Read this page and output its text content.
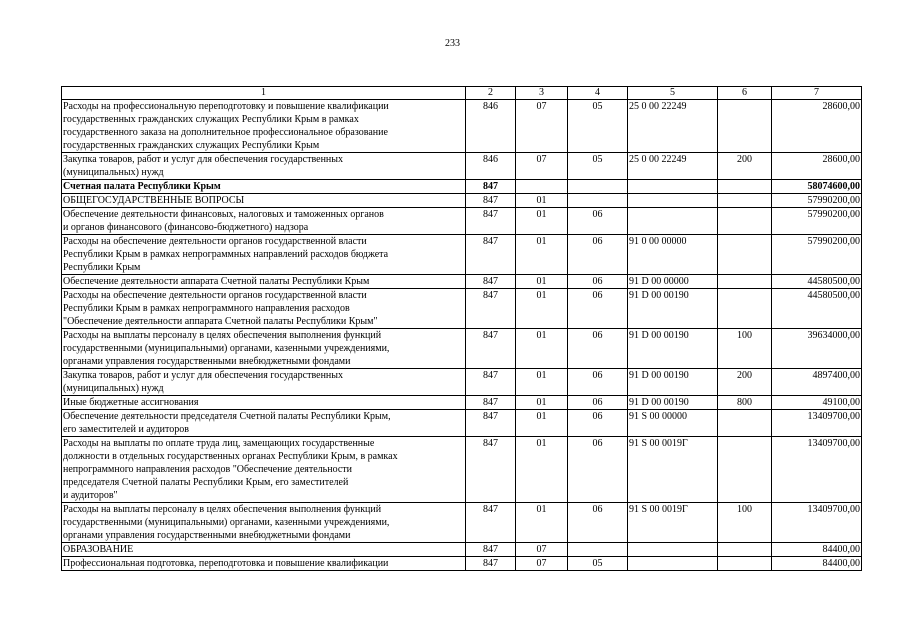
233
1	2	3	4	5	6	7
Расходы на профессиональную переподготовку и повышение квалификации
государственных гражданских служащих Республики Крым в рамках
государственного заказа на дополнительное профессиональное образование
государственных гражданских служащих Республики Крым	846	07	05	25 0 00 22249		28600,00
Закупка товаров, работ и услуг для обеспечения государственных
(муниципальных) нужд	846	07	05	25 0 00 22249	200	28600,00
Счетная палата Республики Крым	847					58074600,00
ОБЩЕГОСУДАРСТВЕННЫЕ ВОПРОСЫ	847	01				57990200,00
Обеспечение деятельности финансовых, налоговых и таможенных органов
и органов финансового (финансово-бюджетного) надзора	847	01	06			57990200,00
Расходы на обеспечение деятельности органов государственной власти
Республики Крым в рамках непрограммных направлений расходов бюджета
Республики Крым	847	01	06	91 0 00 00000		57990200,00
Обеспечение деятельности аппарата Счетной палаты Республики Крым	847	01	06	91 D 00 00000		44580500,00
Расходы на обеспечение деятельности органов государственной власти
Республики Крым в рамках непрограммного направления расходов
"Обеспечение деятельности аппарата Счетной палаты Республики Крым"	847	01	06	91 D 00 00190		44580500,00
Расходы на выплаты персоналу в целях обеспечения выполнения функций
государственными (муниципальными) органами, казенными учреждениями,
органами управления государственными внебюджетными фондами	847	01	06	91 D 00 00190	100	39634000,00
Закупка товаров, работ и услуг для обеспечения государственных
(муниципальных) нужд	847	01	06	91 D 00 00190	200	4897400,00
Иные бюджетные ассигнования	847	01	06	91 D 00 00190	800	49100,00
Обеспечение деятельности председателя Счетной палаты Республики Крым,
его заместителей и аудиторов	847	01	06	91 S 00 00000		13409700,00
Расходы на выплаты по оплате труда лиц, замещающих государственные
должности в отдельных государственных органах Республики Крым, в рамках
непрограммного направления расходов "Обеспечение деятельности
председателя Счетной палаты Республики Крым, его заместителей
и аудиторов"	847	01	06	91 S 00 0019Г		13409700,00
Расходы на выплаты персоналу в целях обеспечения выполнения функций
государственными (муниципальными) органами, казенными учреждениями,
органами управления государственными внебюджетными фондами	847	01	06	91 S 00 0019Г	100	13409700,00
ОБРАЗОВАНИЕ	847	07				84400,00
Профессиональная подготовка, переподготовка и повышение квалификации	847	07	05			84400,00
